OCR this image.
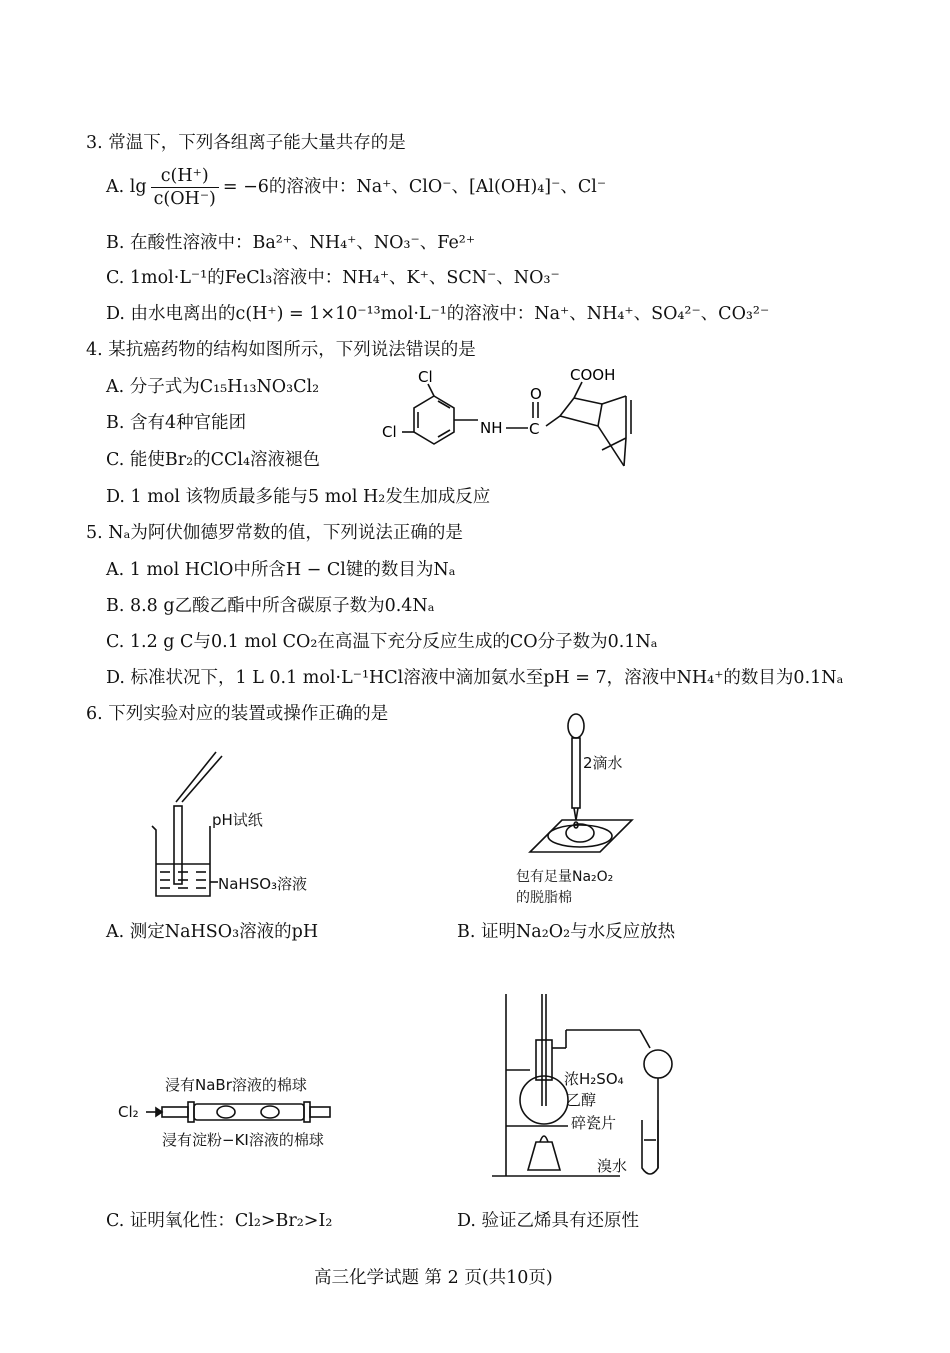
3. 常温下，下列各组离子能大量共存的是
A. $\lg \frac{c(H^+)}{c(OH^-)} = -6$的溶液中：Na⁺、ClO⁻、[Al(OH)₄]⁻、Cl⁻
B. 在酸性溶液中：Ba²⁺、NH₄⁺、NO₃⁻、Fe²⁺
C. 1mol·L⁻¹的FeCl₃溶液中：NH₄⁺、K⁺、SCN⁻、NO₃⁻
D. 由水电离出的c(H⁺) = 1×10⁻¹³mol·L⁻¹的溶液中：Na⁺、NH₄⁺、SO₄²⁻、CO₃²⁻
4. 某抗癌药物的结构如图所示，下列说法错误的是
A. 分子式为C₁₅H₁₃NO₃Cl₂
B. 含有4种官能团
C. 能使Br₂的CCl₄溶液褪色
D. 1 mol 该物质最多能与5 mol H₂发生加成反应
Cl
Cl	NH C
O
COOH
5. Nₐ为阿伏伽德罗常数的值，下列说法正确的是
A. 1 mol HClO中所含H − Cl键的数目为Nₐ
B. 8.8 g乙酸乙酯中所含碳原子数为0.4Nₐ
C. 1.2 g C与0.1 mol CO₂在高温下充分反应生成的CO分子数为0.1Nₐ
D. 标准状况下，1 L 0.1 mol·L⁻¹HCl溶液中滴加氨水至pH = 7，溶液中NH₄⁺的数目为0.1Nₐ
6. 下列实验对应的装置或操作正确的是
pH试纸
NaHSO₃溶液
A. 测定NaHSO₃溶液的pH
2滴水
包有足量Na₂O₂
的脱脂棉
B. 证明Na₂O₂与水反应放热
Cl₂
浸有NaBr溶液的棉球
浸有淀粉−KI溶液的棉球
C. 证明氧化性：Cl₂>Br₂>I₂
浓H₂SO₄
乙醇
碎瓷片
溴水
D. 验证乙烯具有还原性
高三化学试题 第 2 页(共10页)
